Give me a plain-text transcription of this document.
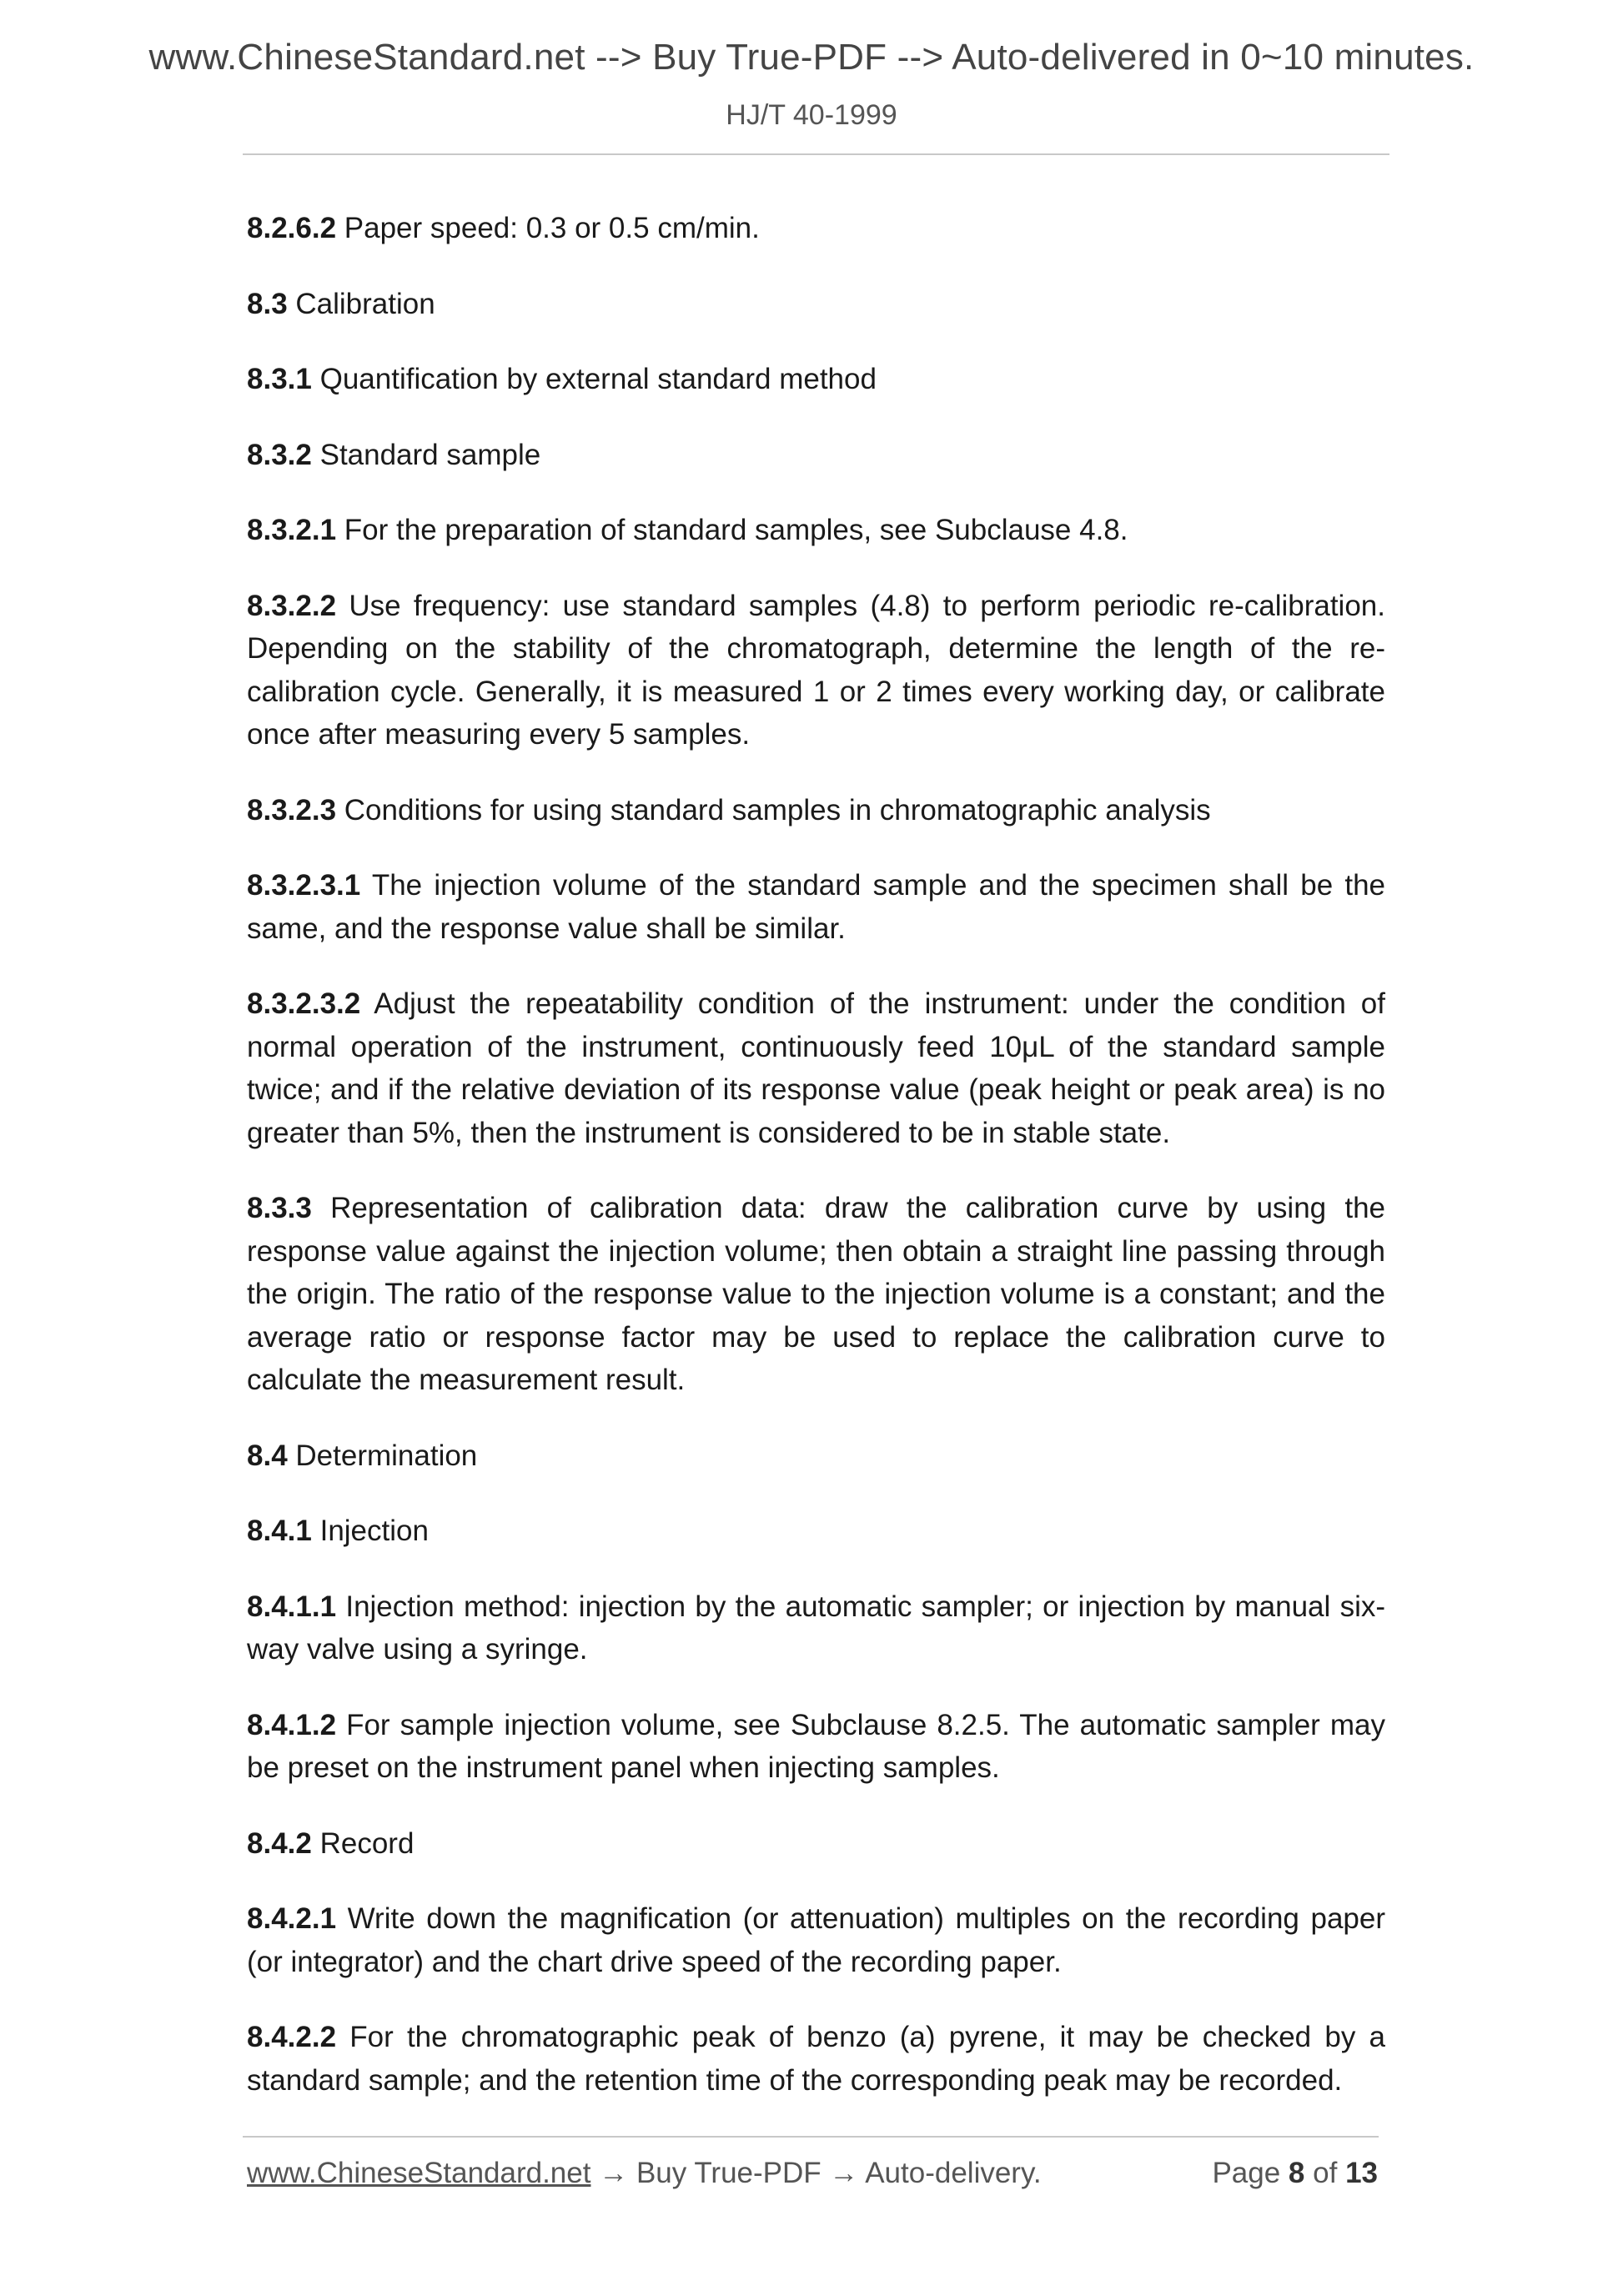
www.ChineseStandard.net --> Buy True-PDF --> Auto-delivered in 0~10 minutes.
HJ/T 40-1999

8.2.6.2 Paper speed: 0.3 or 0.5 cm/min.

8.3 Calibration

8.3.1 Quantification by external standard method

8.3.2 Standard sample

8.3.2.1 For the preparation of standard samples, see Subclause 4.8.

8.3.2.2 Use frequency: use standard samples (4.8) to perform periodic re-calibration. Depending on the stability of the chromatograph, determine the length of the re-calibration cycle. Generally, it is measured 1 or 2 times every working day, or calibrate once after measuring every 5 samples.

8.3.2.3 Conditions for using standard samples in chromatographic analysis

8.3.2.3.1 The injection volume of the standard sample and the specimen shall be the same, and the response value shall be similar.

8.3.2.3.2 Adjust the repeatability condition of the instrument: under the condition of normal operation of the instrument, continuously feed 10μL of the standard sample twice; and if the relative deviation of its response value (peak height or peak area) is no greater than 5%, then the instrument is considered to be in stable state.

8.3.3 Representation of calibration data: draw the calibration curve by using the response value against the injection volume; then obtain a straight line passing through the origin. The ratio of the response value to the injection volume is a constant; and the average ratio or response factor may be used to replace the calibration curve to calculate the measurement result.

8.4 Determination

8.4.1 Injection

8.4.1.1 Injection method: injection by the automatic sampler; or injection by manual six-way valve using a syringe.

8.4.1.2 For sample injection volume, see Subclause 8.2.5. The automatic sampler may be preset on the instrument panel when injecting samples.

8.4.2 Record

8.4.2.1 Write down the magnification (or attenuation) multiples on the recording paper (or integrator) and the chart drive speed of the recording paper.

8.4.2.2 For the chromatographic peak of benzo (a) pyrene, it may be checked by a standard sample; and the retention time of the corresponding peak may be recorded.

www.ChineseStandard.net → Buy True-PDF → Auto-delivery.	Page 8 of 13
